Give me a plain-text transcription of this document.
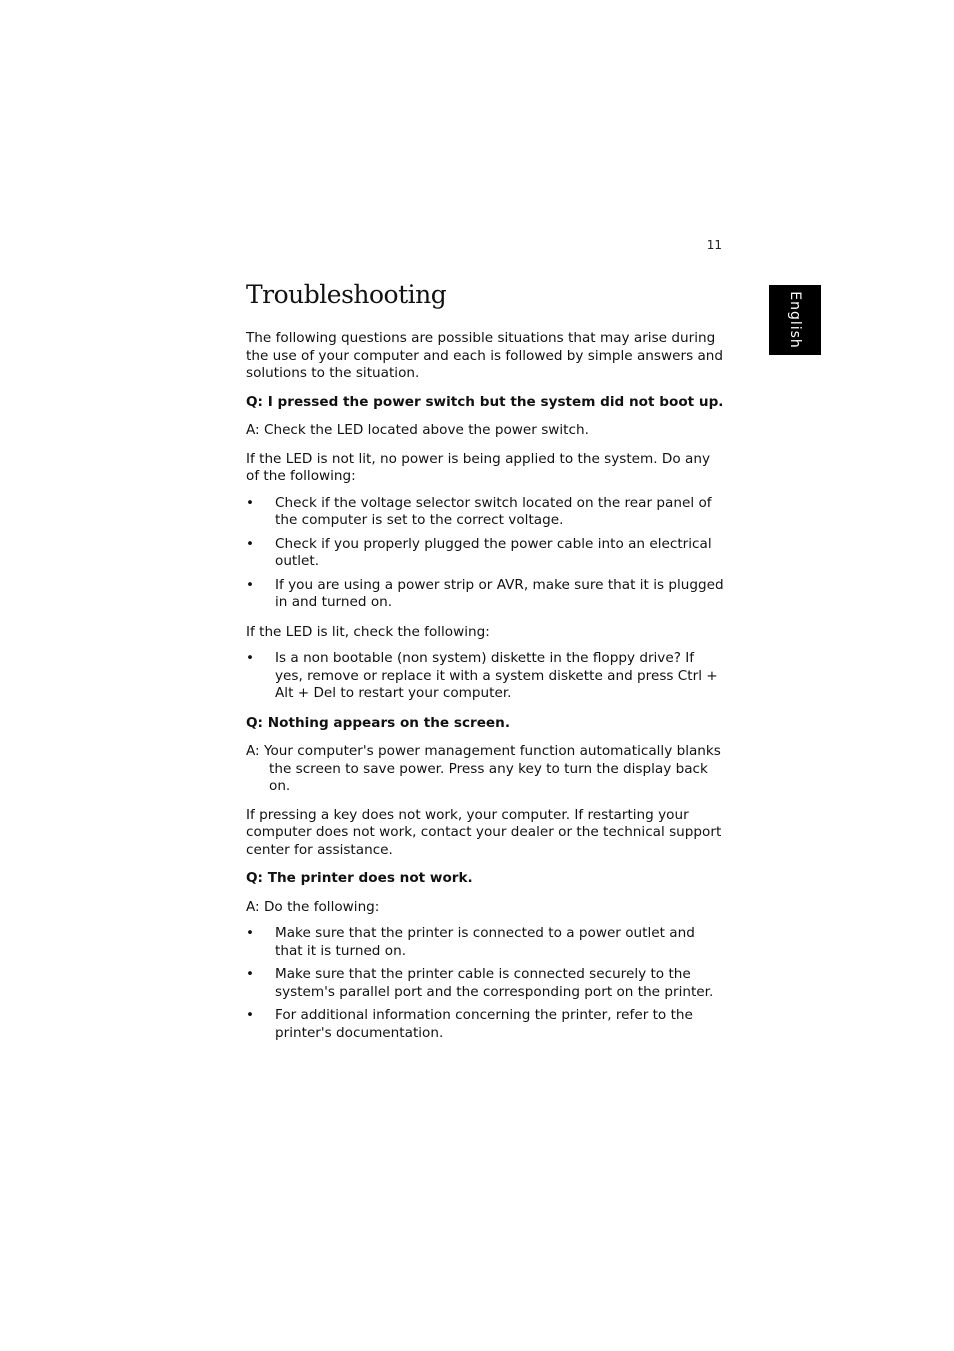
11
English
Troubleshooting

The following questions are possible situations that may arise during the use of your computer and each is followed by simple answers and solutions to the situation.

Q: I pressed the power switch but the system did not boot up.

A: Check the LED located above the power switch.

If the LED is not lit, no power is being applied to the system. Do any of the following:

• Check if the voltage selector switch located on the rear panel of the computer is set to the correct voltage.
• Check if you properly plugged the power cable into an electrical outlet.
• If you are using a power strip or AVR, make sure that it is plugged in and turned on.

If the LED is lit, check the following:

• Is a non bootable (non system) diskette in the floppy drive? If yes, remove or replace it with a system diskette and press Ctrl + Alt + Del to restart your computer.

Q: Nothing appears on the screen.

A: Your computer's power management function automatically blanks the screen to save power. Press any key to turn the display back on.

If pressing a key does not work, your computer. If restarting your computer does not work, contact your dealer or the technical support center for assistance.

Q: The printer does not work.

A: Do the following:

• Make sure that the printer is connected to a power outlet and that it is turned on.
• Make sure that the printer cable is connected securely to the system's parallel port and the corresponding port on the printer.
• For additional information concerning the printer, refer to the printer's documentation.
